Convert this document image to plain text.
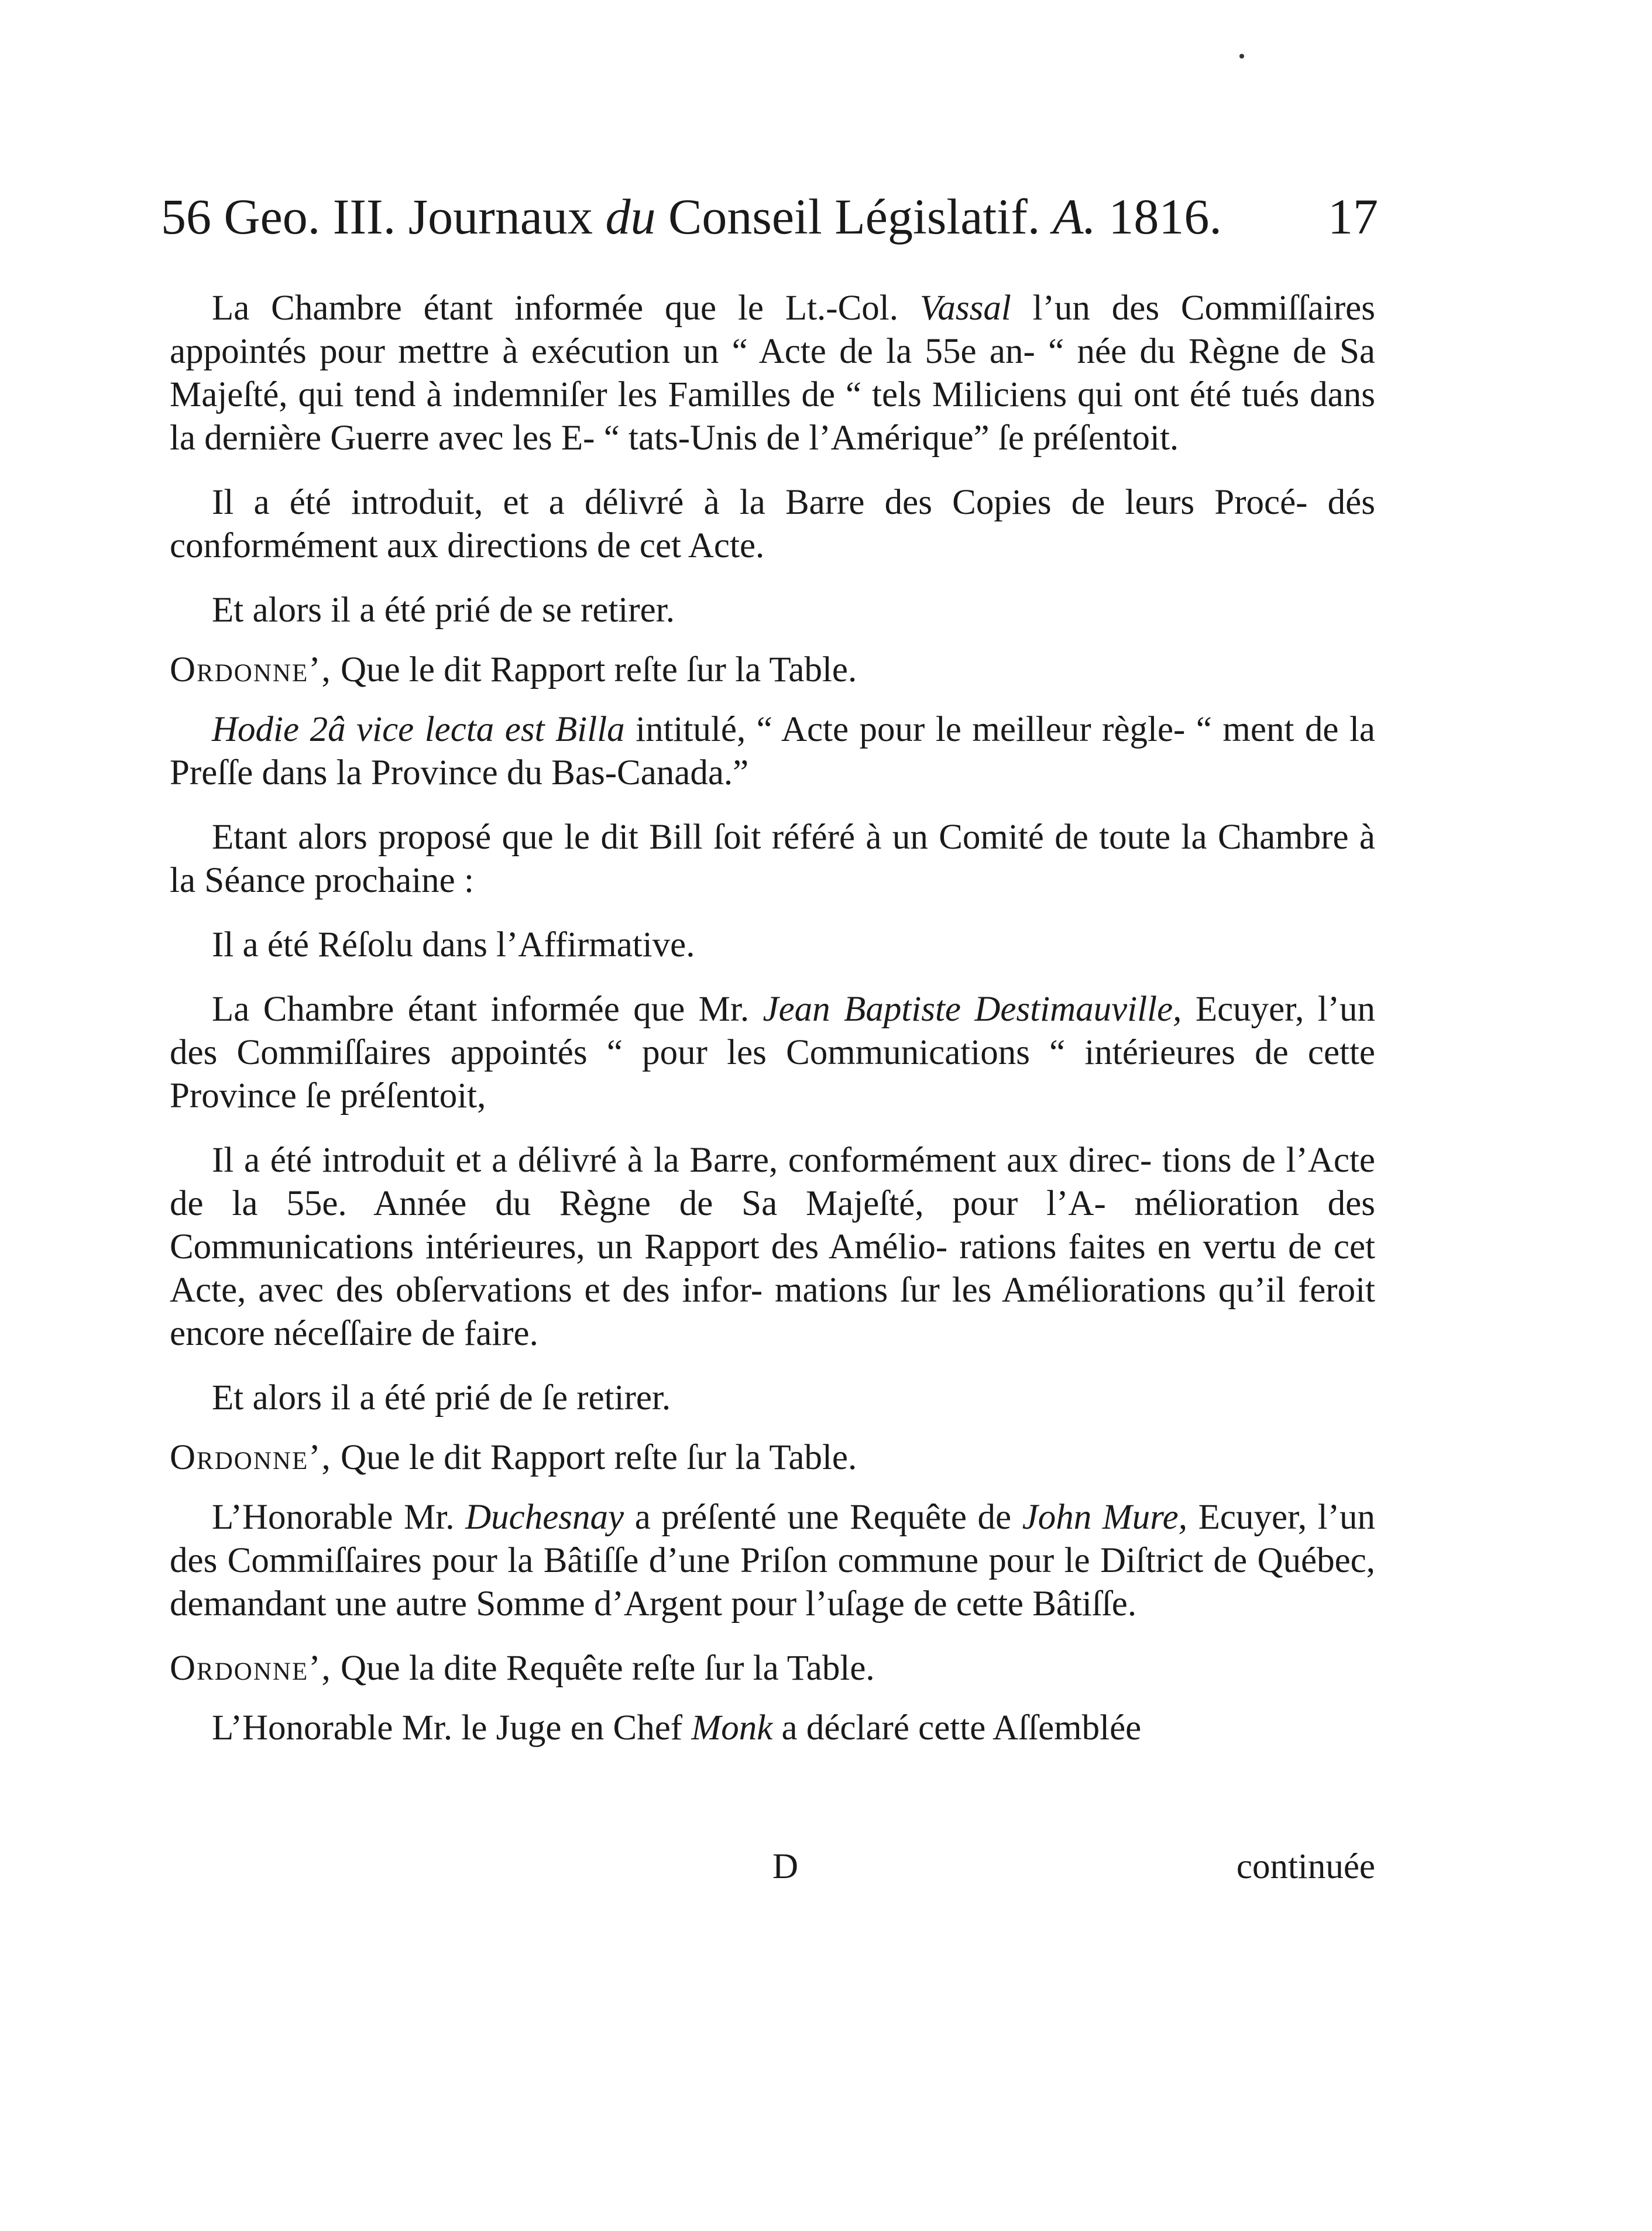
56 Geo. III. Journaux du Conseil Législatif. A. 1816. 17

La Chambre étant informée que le Lt.-Col. Vassal l’un des Commiſſaires appointés pour mettre à exécution un “ Acte de la 55e an- “ née du Règne de Sa Majeſté, qui tend à indemniſer les Familles de “ tels Miliciens qui ont été tués dans la dernière Guerre avec les E- “ tats-Unis de l’Amérique” ſe préſentoit.

Il a été introduit, et a délivré à la Barre des Copies de leurs Procé- dés conformément aux directions de cet Acte.

Et alors il a été prié de se retirer.

Ordonne’, Que le dit Rapport reſte ſur la Table.

Hodie 2â vice lecta est Billa intitulé, “ Acte pour le meilleur règle- “ ment de la Preſſe dans la Province du Bas-Canada.”

Etant alors proposé que le dit Bill ſoit référé à un Comité de toute la Chambre à la Séance prochaine :

Il a été Réſolu dans l’Affirmative.

La Chambre étant informée que Mr. Jean Baptiste Destimauville, Ecuyer, l’un des Commiſſaires appointés “ pour les Communications “ intérieures de cette Province ſe préſentoit,

Il a été introduit et a délivré à la Barre, conformément aux direc- tions de l’Acte de la 55e. Année du Règne de Sa Majeſté, pour l’A- mélioration des Communications intérieures, un Rapport des Amélio- rations faites en vertu de cet Acte, avec des obſervations et des infor- mations ſur les Améliorations qu’il feroit encore néceſſaire de faire.

Et alors il a été prié de ſe retirer.

Ordonne’, Que le dit Rapport reſte ſur la Table.

L’Honorable Mr. Duchesnay a préſenté une Requête de John Mure, Ecuyer, l’un des Commiſſaires pour la Bâtiſſe d’une Priſon commune pour le Diſtrict de Québec, demandant une autre Somme d’Argent pour l’uſage de cette Bâtiſſe.

Ordonne’, Que la dite Requête reſte ſur la Table.

L’Honorable Mr. le Juge en Chef Monk a déclaré cette Aſſemblée

D	continuée
